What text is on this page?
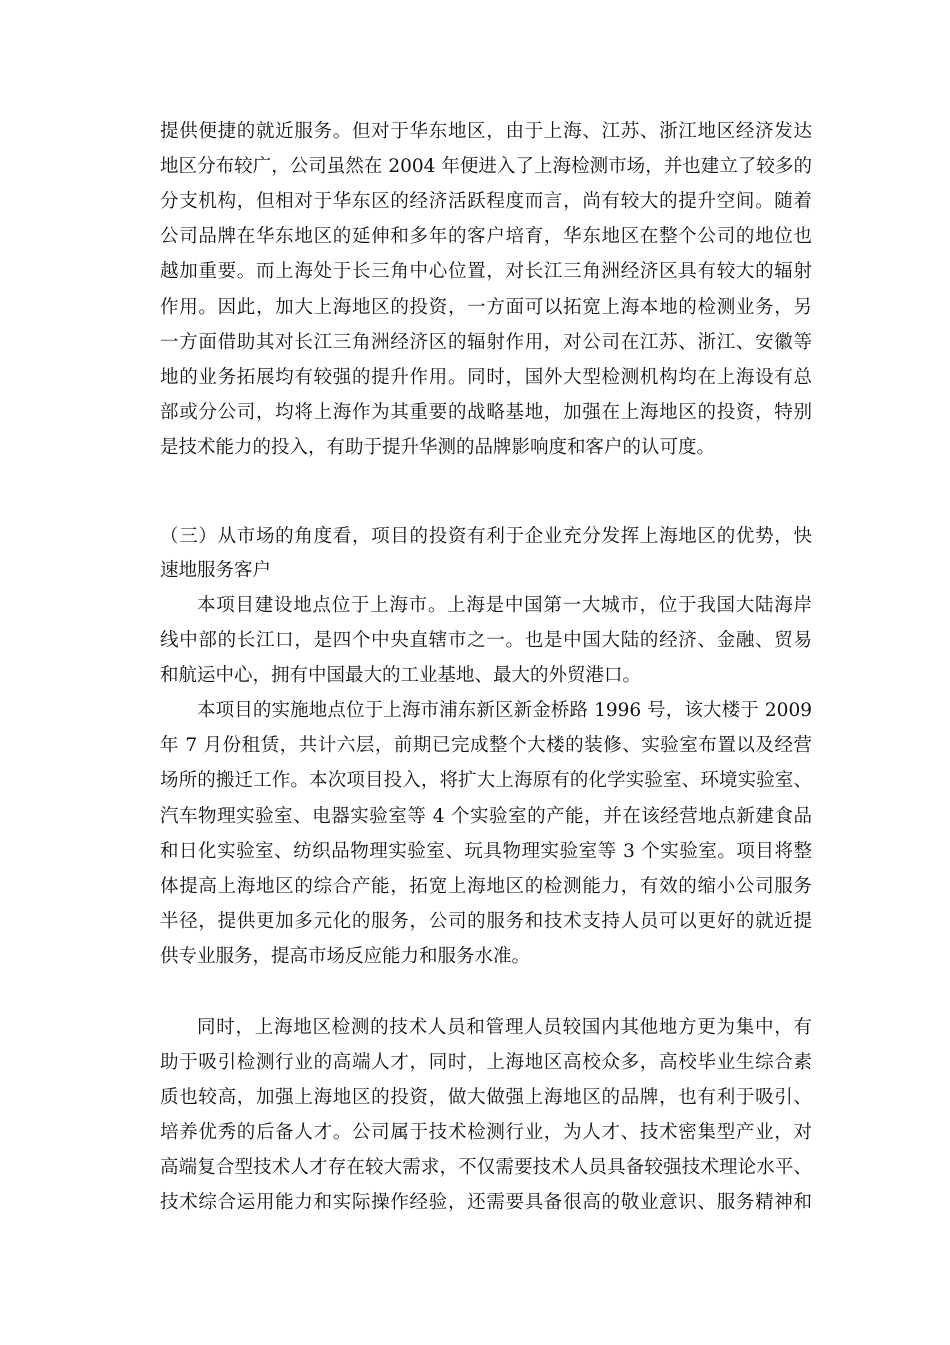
提供便捷的就近服务。但对于华东地区，由于上海、江苏、浙江地区经济发达
地区分布较广，公司虽然在 2004 年便进入了上海检测市场，并也建立了较多的
分支机构，但相对于华东区的经济活跃程度而言，尚有较大的提升空间。随着
公司品牌在华东地区的延伸和多年的客户培育，华东地区在整个公司的地位也
越加重要。而上海处于长三角中心位置，对长江三角洲经济区具有较大的辐射
作用。因此，加大上海地区的投资，一方面可以拓宽上海本地的检测业务，另
一方面借助其对长江三角洲经济区的辐射作用，对公司在江苏、浙江、安徽等
地的业务拓展均有较强的提升作用。同时，国外大型检测机构均在上海设有总
部或分公司，均将上海作为其重要的战略基地，加强在上海地区的投资，特别
是技术能力的投入，有助于提升华测的品牌影响度和客户的认可度。
（三）从市场的角度看，项目的投资有利于企业充分发挥上海地区的优势，快
速地服务客户
本项目建设地点位于上海市。上海是中国第一大城市，位于我国大陆海岸
线中部的长江口，是四个中央直辖市之一。也是中国大陆的经济、金融、贸易
和航运中心，拥有中国最大的工业基地、最大的外贸港口。
本项目的实施地点位于上海市浦东新区新金桥路 1996 号，该大楼于 2009
年 7 月份租赁，共计六层，前期已完成整个大楼的装修、实验室布置以及经营
场所的搬迁工作。本次项目投入，将扩大上海原有的化学实验室、环境实验室、
汽车物理实验室、电器实验室等 4 个实验室的产能，并在该经营地点新建食品
和日化实验室、纺织品物理实验室、玩具物理实验室等 3 个实验室。项目将整
体提高上海地区的综合产能，拓宽上海地区的检测能力，有效的缩小公司服务
半径，提供更加多元化的服务，公司的服务和技术支持人员可以更好的就近提
供专业服务，提高市场反应能力和服务水准。
同时，上海地区检测的技术人员和管理人员较国内其他地方更为集中，有
助于吸引检测行业的高端人才，同时，上海地区高校众多，高校毕业生综合素
质也较高，加强上海地区的投资，做大做强上海地区的品牌，也有利于吸引、
培养优秀的后备人才。公司属于技术检测行业，为人才、技术密集型产业，对
高端复合型技术人才存在较大需求，不仅需要技术人员具备较强技术理论水平、
技术综合运用能力和实际操作经验，还需要具备很高的敬业意识、服务精神和
